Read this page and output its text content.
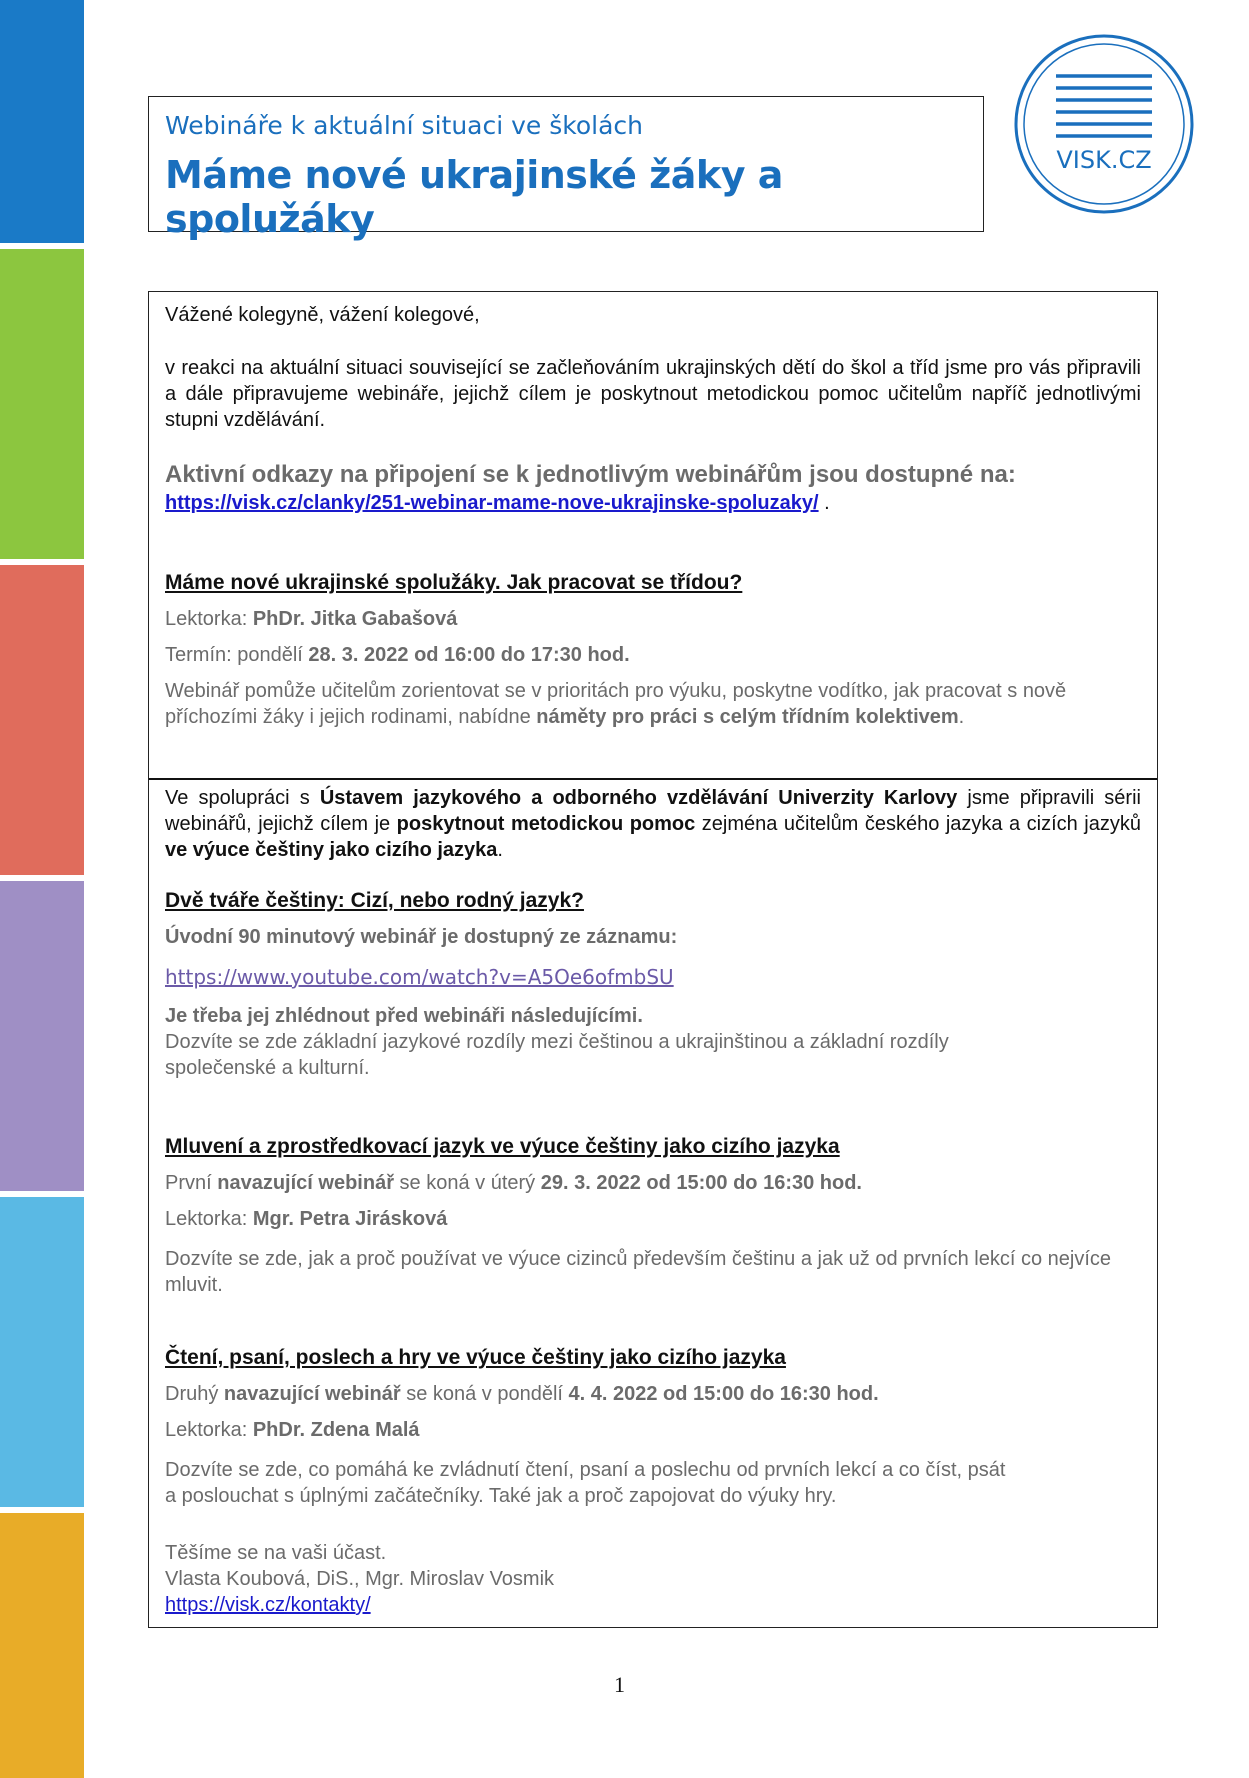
Webináře k aktuální situaci ve školách
Máme nové ukrajinské žáky a spolužáky
VISK.CZ
Vážené kolegyně, vážení kolegové,
v reakci na aktuální situaci související se začleňováním ukrajinských dětí do škol a tříd jsme pro vás připravili a dále připravujeme webináře, jejichž cílem je poskytnout metodickou pomoc učitelům napříč jednotlivými stupni vzdělávání.
Aktivní odkazy na připojení se k jednotlivým webinářům jsou dostupné na:
https://visk.cz/clanky/251-webinar-mame-nove-ukrajinske-spoluzaky/ .
Máme nové ukrajinské spolužáky. Jak pracovat se třídou?
Lektorka: PhDr. Jitka Gabašová
Termín: pondělí 28. 3. 2022 od 16:00 do 17:30 hod.
Webinář pomůže učitelům zorientovat se v prioritách pro výuku, poskytne vodítko, jak pracovat s nově příchozími žáky i jejich rodinami, nabídne náměty pro práci s celým třídním kolektivem.
Ve spolupráci s Ústavem jazykového a odborného vzdělávání Univerzity Karlovy jsme připravili sérii webinářů, jejichž cílem je poskytnout metodickou pomoc zejména učitelům českého jazyka a cizích jazyků ve výuce češtiny jako cizího jazyka.
Dvě tváře češtiny: Cizí, nebo rodný jazyk?
Úvodní 90 minutový webinář je dostupný ze záznamu:
https://www.youtube.com/watch?v=A5Oe6ofmbSU
Je třeba jej zhlédnout před webináři následujícími.
Dozvíte se zde základní jazykové rozdíly mezi češtinou a ukrajinštinou a základní rozdíly společenské a kulturní.
Mluvení a zprostředkovací jazyk ve výuce češtiny jako cizího jazyka
První navazující webinář se koná v úterý 29. 3. 2022 od 15:00 do 16:30 hod.
Lektorka: Mgr. Petra Jirásková
Dozvíte se zde, jak a proč používat ve výuce cizinců především češtinu a jak už od prvních lekcí co nejvíce mluvit.
Čtení, psaní, poslech a hry ve výuce češtiny jako cizího jazyka
Druhý navazující webinář se koná v pondělí 4. 4. 2022 od 15:00 do 16:30 hod.
Lektorka: PhDr. Zdena Malá
Dozvíte se zde, co pomáhá ke zvládnutí čtení, psaní a poslechu od prvních lekcí a co číst, psát
a poslouchat s úplnými začátečníky. Také jak a proč zapojovat do výuky hry.
Těšíme se na vaši účast.
Vlasta Koubová, DiS., Mgr. Miroslav Vosmik
https://visk.cz/kontakty/
1
